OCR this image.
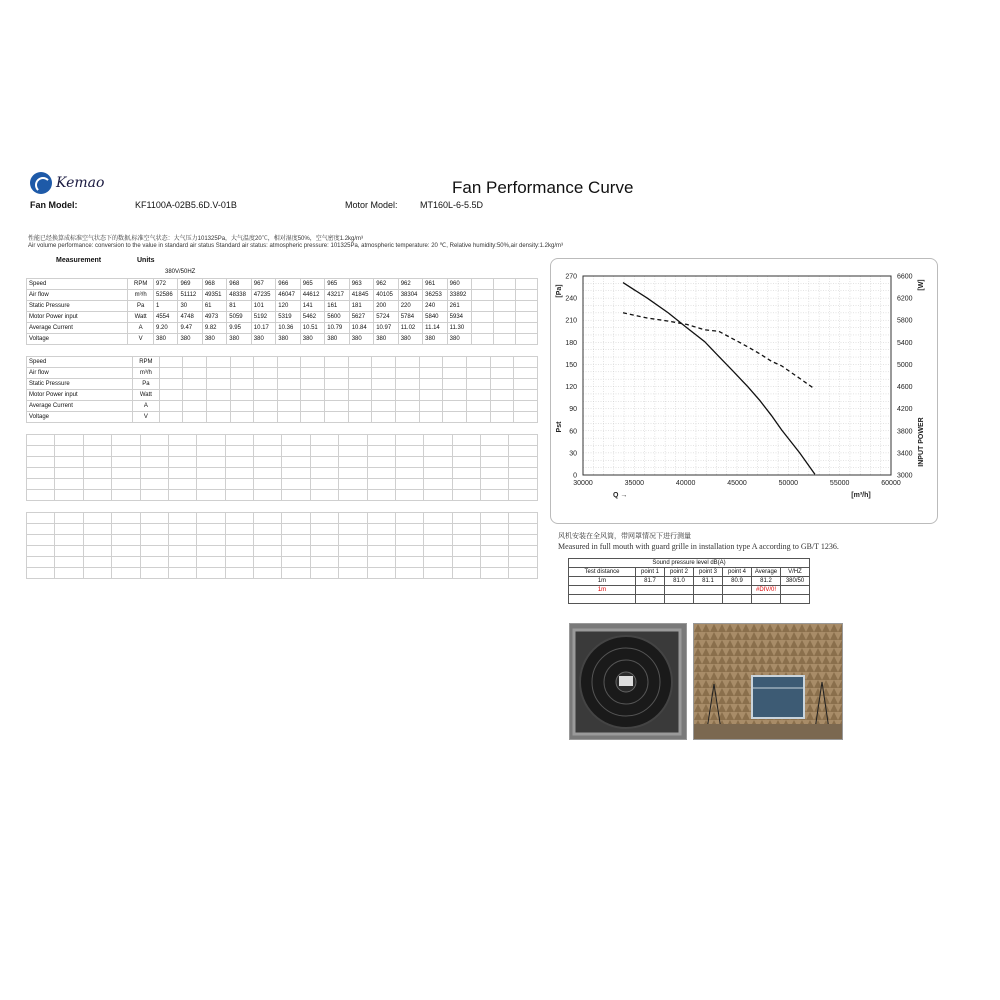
Kemao	Fan Performance Curve
Fan Model:	KF1100A-02B5.6D.V-01B	Motor Model: MT160L-6-5.5D
性能已经换算成标准空气状态下的数据,标准空气状态：大气压力101325Pa，大气温度20℃，相对湿度50%，空气密度1.2kg/m³
Air volume performance: conversion to the value in standard air status Standard air status: atmospheric pressure: 101325Pa, atmospheric temperature: 20 ℃, Relative humidity:50%,air density:1.2kg/m³
Measurement	Units
380V/50HZ
Speed	RPM	972	969	968	968	967	966	965	965	963	962	962	961	960			
Air flow	m³/h	52586	51112	49351	48338	47235	46047	44612	43217	41845	40105	38304	36253	33892			
Static Pressure	Pa	1	30	61	81	101	120	141	161	181	200	220	240	261			
Motor Power input	Watt	4554	4748	4973	5059	5192	5319	5462	5600	5627	5724	5784	5840	5934			
Average Current	A	9.20	9.47	9.82	9.95	10.17	10.36	10.51	10.79	10.84	10.97	11.02	11.14	11.30			
Voltage	V	380	380	380	380	380	380	380	380	380	380	380	380	380			
Speed	RPM																
Air flow	m³/h																
Static Pressure	Pa																
Motor Power input	Watt																
Average Current	A																
Voltage	V																

30000	35000	40000	45000	50000	55000	60000
0
30
60
90
120
150
180
210
240
270
3000
3400
3800
4200
4600
5000
5400
5800
6200
6600
[Pa]
Pst
[W]
INPUT POWER
Q →	[m³/h]
风机安装在全风筒，带网罩情况下进行测量
Measured in full mouth with guard grille in installation type A according to GB/T 1236.
Sound pressure level dB(A)						
Test distance	point 1	point 2	point 3	point 4	Average	V/HZ
1m	81.7	81.0	81.1	80.9	81.2	380/50
1m					#DIV/0!	
